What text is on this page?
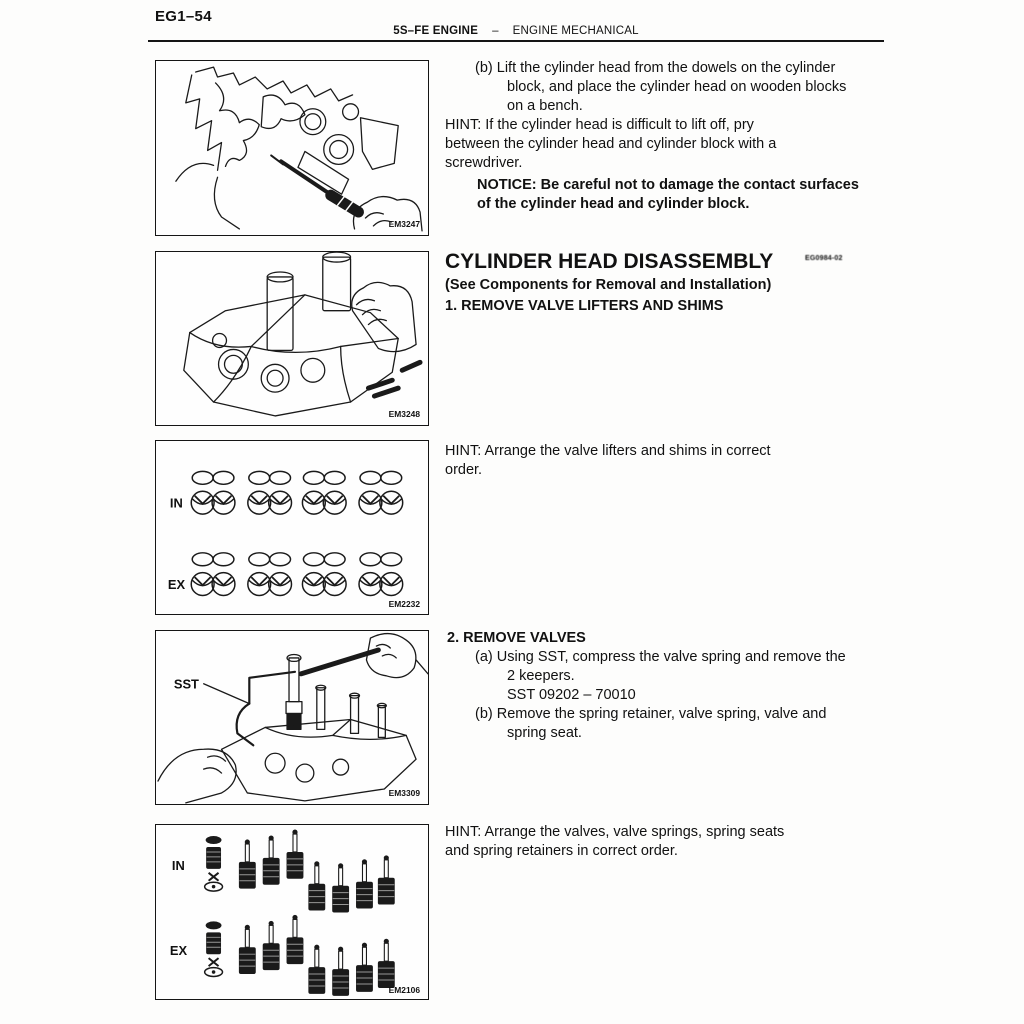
EG1–54
5S–FE ENGINE – ENGINE MECHANICAL
EM3247
EM3248
IN
EX
EM2232
SST
EM3309
IN
EX
EM2106
(b) Lift the cylinder head from the dowels on the cylinder
block, and place the cylinder head on wooden blocks
on a bench.
HINT: If the cylinder head is difficult to lift off, pry
between the cylinder head and cylinder block with a
screwdriver.
NOTICE: Be careful not to damage the contact surfaces
of the cylinder head and cylinder block.
CYLINDER HEAD DISASSEMBLY	EG0984-02
(See Components for Removal and Installation)
1. REMOVE VALVE LIFTERS AND SHIMS
HINT: Arrange the valve lifters and shims in correct
order.
2. REMOVE VALVES
(a) Using SST, compress the valve spring and remove the
2 keepers.
SST 09202 – 70010
(b) Remove the spring retainer, valve spring, valve and
spring seat.
HINT: Arrange the valves, valve springs, spring seats
and spring retainers in correct order.
